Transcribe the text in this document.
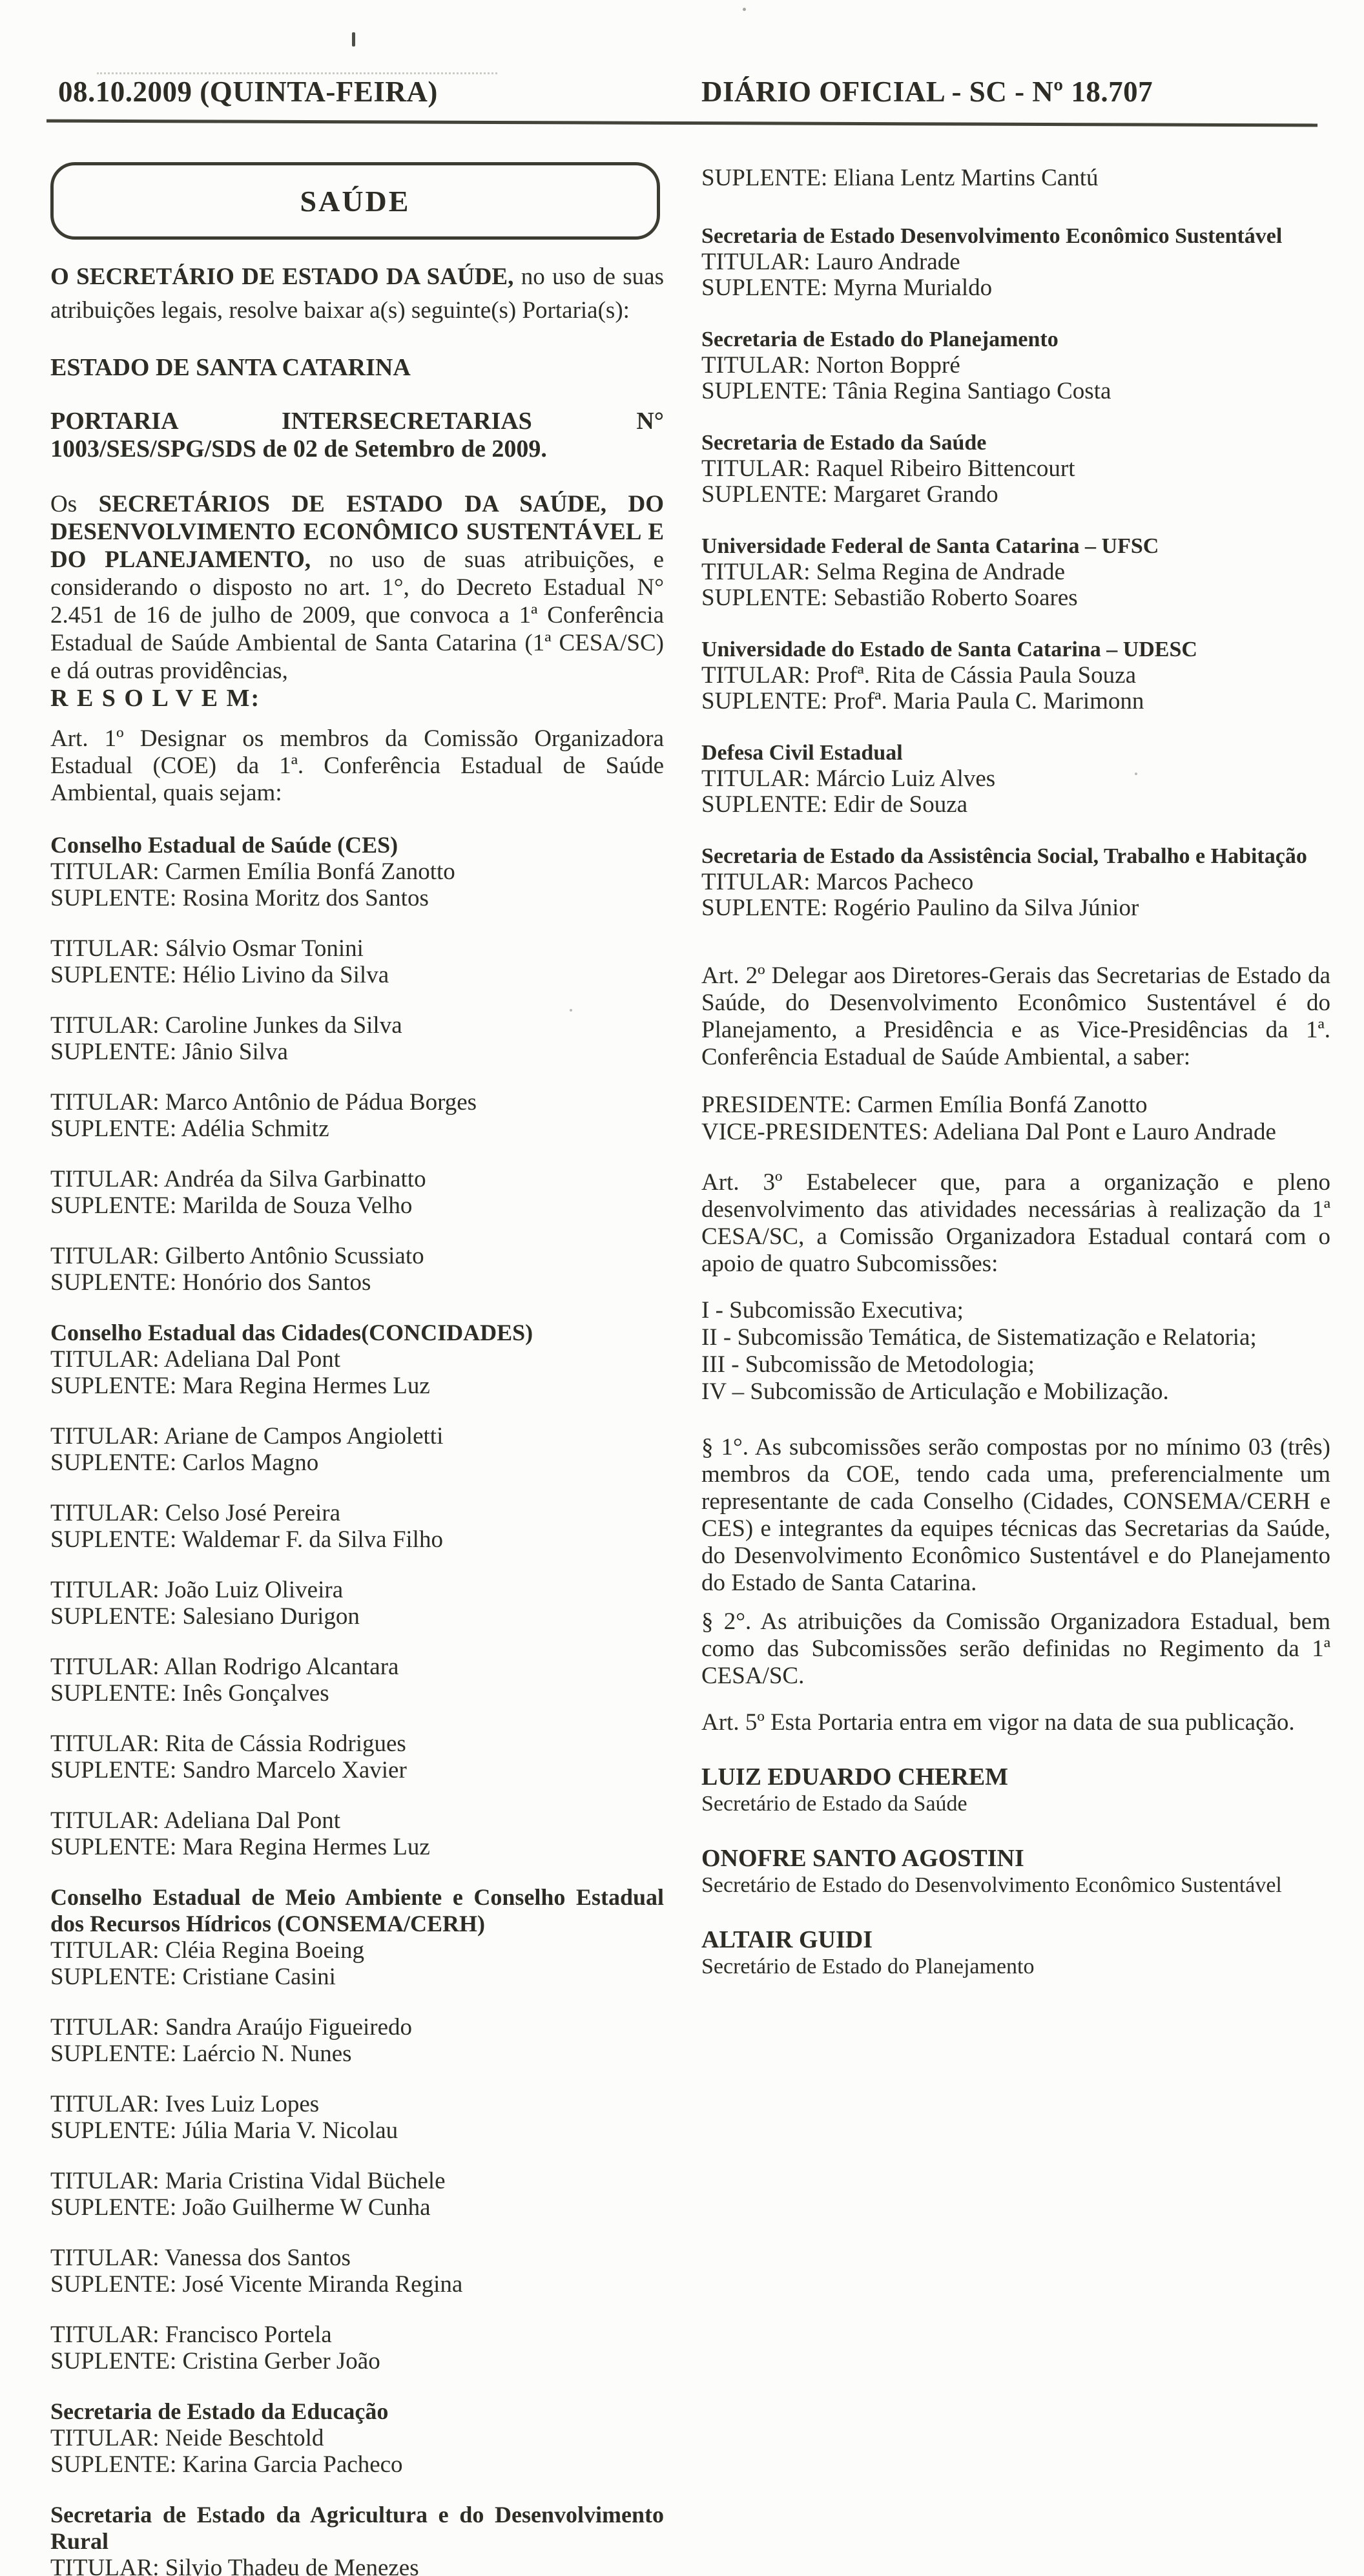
08.10.2009 (QUINTA-FEIRA)	DIÁRIO OFICIAL - SC - Nº 18.707
SAÚDE

O SECRETÁRIO DE ESTADO DA SAÚDE, no uso de suas atribuições legais, resolve baixar a(s) seguinte(s) Portaria(s):

ESTADO DE SANTA CATARINA

PORTARIA INTERSECRETARIAS N° 1003/SES/SPG/SDS de 02 de Setembro de 2009.

Os SECRETÁRIOS DE ESTADO DA SAÚDE, DO DESENVOLVIMENTO ECONÔMICO SUSTENTÁVEL E DO PLANEJAMENTO, no uso de suas atribuições, e considerando o disposto no art. 1°, do Decreto Estadual N° 2.451 de 16 de julho de 2009, que convoca a 1ª Conferência Estadual de Saúde Ambiental de Santa Catarina (1ª CESA/SC) e dá outras providências,

R E S O L V E M:

Art. 1º Designar os membros da Comissão Organizadora Estadual (COE) da 1ª. Conferência Estadual de Saúde Ambiental, quais sejam:

Conselho Estadual de Saúde (CES)
TITULAR: Carmen Emília Bonfá Zanotto
SUPLENTE: Rosina Moritz dos Santos
TITULAR: Sálvio Osmar Tonini
SUPLENTE: Hélio Livino da Silva
TITULAR: Caroline Junkes da Silva
SUPLENTE: Jânio Silva
TITULAR: Marco Antônio de Pádua Borges
SUPLENTE: Adélia Schmitz
TITULAR: Andréa da Silva Garbinatto
SUPLENTE: Marilda de Souza Velho
TITULAR: Gilberto Antônio Scussiato
SUPLENTE: Honório dos Santos
Conselho Estadual das Cidades(CONCIDADES)
TITULAR: Adeliana Dal Pont
SUPLENTE: Mara Regina Hermes Luz
TITULAR: Ariane de Campos Angioletti
SUPLENTE: Carlos Magno
TITULAR: Celso José Pereira
SUPLENTE: Waldemar F. da Silva Filho
TITULAR: João Luiz Oliveira
SUPLENTE: Salesiano Durigon
TITULAR: Allan Rodrigo Alcantara
SUPLENTE: Inês Gonçalves
TITULAR: Rita de Cássia Rodrigues
SUPLENTE: Sandro Marcelo Xavier
TITULAR: Adeliana Dal Pont
SUPLENTE: Mara Regina Hermes Luz
Conselho Estadual de Meio Ambiente e Conselho Estadual dos Recursos Hídricos (CONSEMA/CERH)
TITULAR: Cléia Regina Boeing
SUPLENTE: Cristiane Casini
TITULAR: Sandra Araújo Figueiredo
SUPLENTE: Laércio N. Nunes
TITULAR: Ives Luiz Lopes
SUPLENTE: Júlia Maria V. Nicolau
TITULAR: Maria Cristina Vidal Büchele
SUPLENTE: João Guilherme W Cunha
TITULAR: Vanessa dos Santos
SUPLENTE: José Vicente Miranda Regina
TITULAR: Francisco Portela
SUPLENTE: Cristina Gerber João
Secretaria de Estado da Educação
TITULAR: Neide Beschtold
SUPLENTE: Karina Garcia Pacheco
Secretaria de Estado da Agricultura e do Desenvolvimento Rural
TITULAR: Silvio Thadeu de Menezes
SUPLENTE: Eliana Lentz Martins Cantú
Secretaria de Estado Desenvolvimento Econômico Sustentável
TITULAR: Lauro Andrade
SUPLENTE: Myrna Murialdo
Secretaria de Estado do Planejamento
TITULAR: Norton Boppré
SUPLENTE: Tânia Regina Santiago Costa
Secretaria de Estado da Saúde
TITULAR: Raquel Ribeiro Bittencourt
SUPLENTE: Margaret Grando
Universidade Federal de Santa Catarina – UFSC
TITULAR: Selma Regina de Andrade
SUPLENTE: Sebastião Roberto Soares
Universidade do Estado de Santa Catarina – UDESC
TITULAR: Profª. Rita de Cássia Paula Souza
SUPLENTE: Profª. Maria Paula C. Marimonn
Defesa Civil Estadual
TITULAR: Márcio Luiz Alves
SUPLENTE: Edir de Souza
Secretaria de Estado da Assistência Social, Trabalho e Habitação
TITULAR: Marcos Pacheco
SUPLENTE: Rogério Paulino da Silva Júnior

Art. 2º Delegar aos Diretores-Gerais das Secretarias de Estado da Saúde, do Desenvolvimento Econômico Sustentável é do Planejamento, a Presidência e as Vice-Presidências da 1ª. Conferência Estadual de Saúde Ambiental, a saber:

PRESIDENTE: Carmen Emília Bonfá Zanotto
VICE-PRESIDENTES: Adeliana Dal Pont e Lauro Andrade

Art. 3º Estabelecer que, para a organização e pleno desenvolvimento das atividades necessárias à realização da 1ª CESA/SC, a Comissão Organizadora Estadual contará com o apoio de quatro Subcomissões:

I - Subcomissão Executiva;
II - Subcomissão Temática, de Sistematização e Relatoria;
III - Subcomissão de Metodologia;
IV – Subcomissão de Articulação e Mobilização.

§ 1°. As subcomissões serão compostas por no mínimo 03 (três) membros da COE, tendo cada uma, preferencialmente um representante de cada Conselho (Cidades, CONSEMA/CERH e CES) e integrantes da equipes técnicas das Secretarias da Saúde, do Desenvolvimento Econômico Sustentável e do Planejamento do Estado de Santa Catarina.

§ 2°. As atribuições da Comissão Organizadora Estadual, bem como das Subcomissões serão definidas no Regimento da 1ª CESA/SC.

Art. 5º Esta Portaria entra em vigor na data de sua publicação.

LUIZ EDUARDO CHEREM
Secretário de Estado da Saúde
ONOFRE SANTO AGOSTINI
Secretário de Estado do Desenvolvimento Econômico Sustentável
ALTAIR GUIDI
Secretário de Estado do Planejamento
